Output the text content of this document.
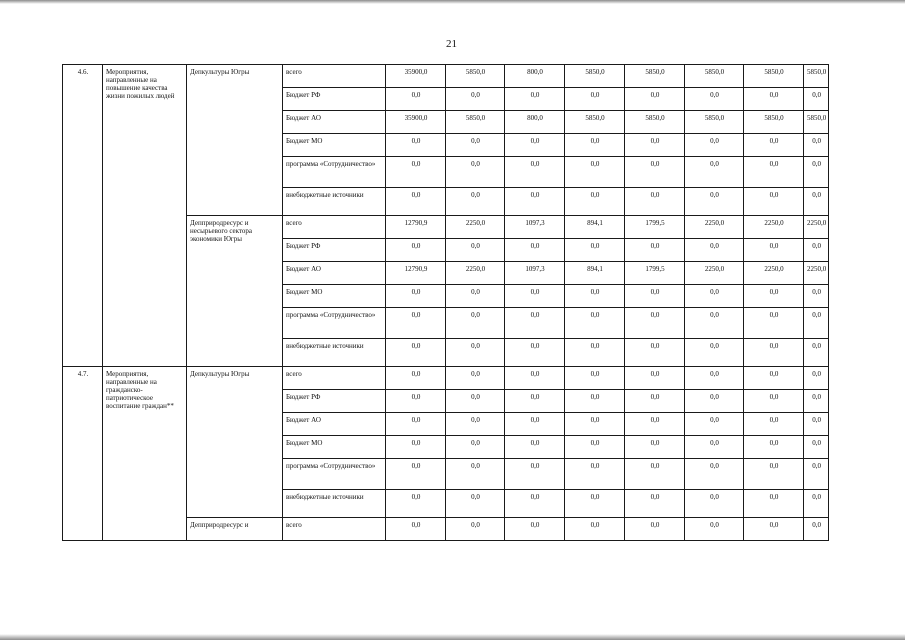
21
4.6.	Мероприятия, направленные на повышение качества жизни пожилых людей	Депкультуры Югры	всего	35900,0	5850,0	800,0	5850,0	5850,0	5850,0	5850,0	5850,0
			Бюджет РФ	0,0	0,0	0,0	0,0	0,0	0,0	0,0	0,0
			Бюджет АО	35900,0	5850,0	800,0	5850,0	5850,0	5850,0	5850,0	5850,0
			Бюджет МО	0,0	0,0	0,0	0,0	0,0	0,0	0,0	0,0
			программа «Сотрудничество»	0,0	0,0	0,0	0,0	0,0	0,0	0,0	0,0
			внебюджетные источники	0,0	0,0	0,0	0,0	0,0	0,0	0,0	0,0
		Депприродресурс и несырьевого сектора экономики Югры	всего	12790,9	2250,0	1097,3	894,1	1799,5	2250,0	2250,0	2250,0
			Бюджет РФ	0,0	0,0	0,0	0,0	0,0	0,0	0,0	0,0
			Бюджет АО	12790,9	2250,0	1097,3	894,1	1799,5	2250,0	2250,0	2250,0
			Бюджет МО	0,0	0,0	0,0	0,0	0,0	0,0	0,0	0,0
			программа «Сотрудничество»	0,0	0,0	0,0	0,0	0,0	0,0	0,0	0,0
			внебюджетные источники	0,0	0,0	0,0	0,0	0,0	0,0	0,0	0,0
4.7.	Мероприятия, направленные на гражданско-патриотическое воспитание граждан**	Депкультуры Югры	всего	0,0	0,0	0,0	0,0	0,0	0,0	0,0	0,0
			Бюджет РФ	0,0	0,0	0,0	0,0	0,0	0,0	0,0	0,0
			Бюджет АО	0,0	0,0	0,0	0,0	0,0	0,0	0,0	0,0
			Бюджет МО	0,0	0,0	0,0	0,0	0,0	0,0	0,0	0,0
			программа «Сотрудничество»	0,0	0,0	0,0	0,0	0,0	0,0	0,0	0,0
			внебюджетные источники	0,0	0,0	0,0	0,0	0,0	0,0	0,0	0,0
		Депприродресурс и	всего	0,0	0,0	0,0	0,0	0,0	0,0	0,0	0,0
